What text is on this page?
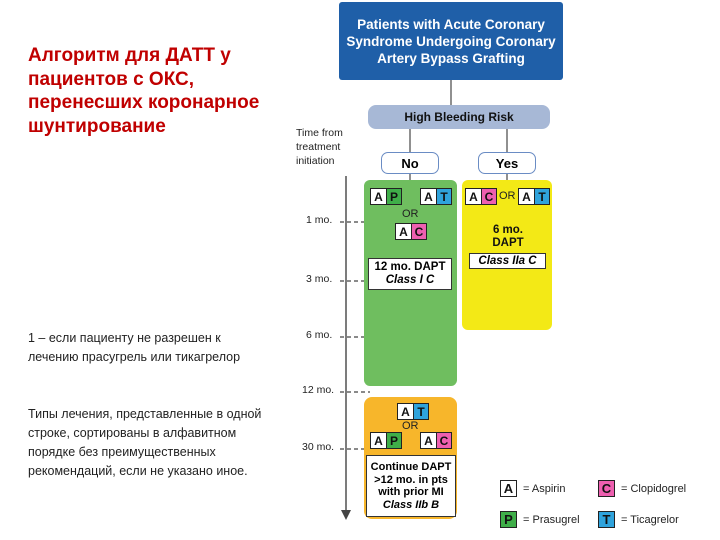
Алгоритм для ДАТТ у пациентов с ОКС, перенесших коронарное шунтирование
1 – если пациенту не разрешен к лечению прасугрель или тикагрелор
Типы лечения, представленные в одной строке, сортированы в алфавитном порядке без преимущественных рекомендаций, если не указано иное.
Patients with Acute Coronary Syndrome Undergoing Coronary Artery Bypass Grafting
High Bleeding Risk
Time from treatment initiation	No	Yes
1 mo.
3 mo.
6 mo.
12 mo.
30 mo.
A P A T
OR
A C
12 mo. DAPT
Class I C
A C OR A T
6 mo.
DAPT
Class IIa C
A T
OR
A P A C
Continue DAPT
>12 mo. in pts
with prior MI
Class IIb B
A = Aspirin	C = Clopidogrel
P = Prasugrel	T = Ticagrelor
